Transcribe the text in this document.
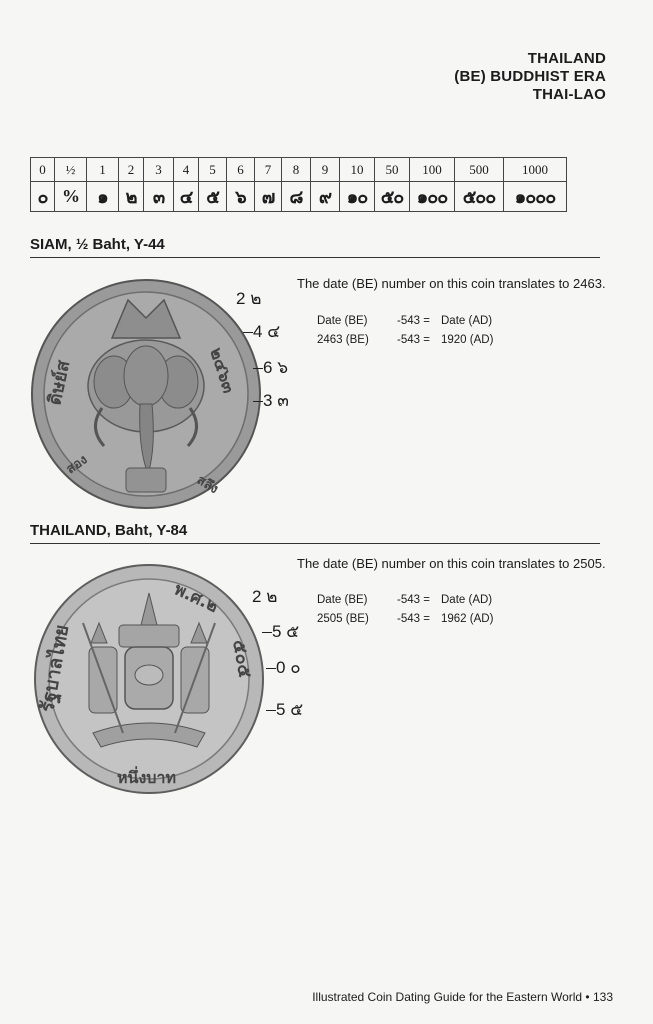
THAILAND
(BE) BUDDHIST ERA
THAI-LAO
0	½	1	2	3	4	5	6	7	8	9	10	50	100	500	1000
๐	%	๑	๒	๓	๔	๕	๖	๗	๘	๙	๑๐	๕๐	๑๐๐	๕๐๐	๑๐๐๐
SIAM, ½ Baht, Y-44
ดิษย์ส	๒๔๖๓
สอง
สลึง
2 ๒
4 ๔
6 ๖
3 ๓
The date (BE) number on this coin translates to 2463.
Date (BE)	-543 = Date (AD)
2463 (BE) -543 = 1920 (AD)
THAILAND, Baht, Y-84
รัฐบาลไทย
พ.ศ.๒
๕๐๕
หนึ่งบาท
2 ๒
5 ๕
0 ๐
5 ๕
The date (BE) number on this coin translates to 2505.
Date (BE)	-543 = Date (AD)
2505 (BE) -543 = 1962 (AD)
Illustrated Coin Dating Guide for the Eastern World • 133
